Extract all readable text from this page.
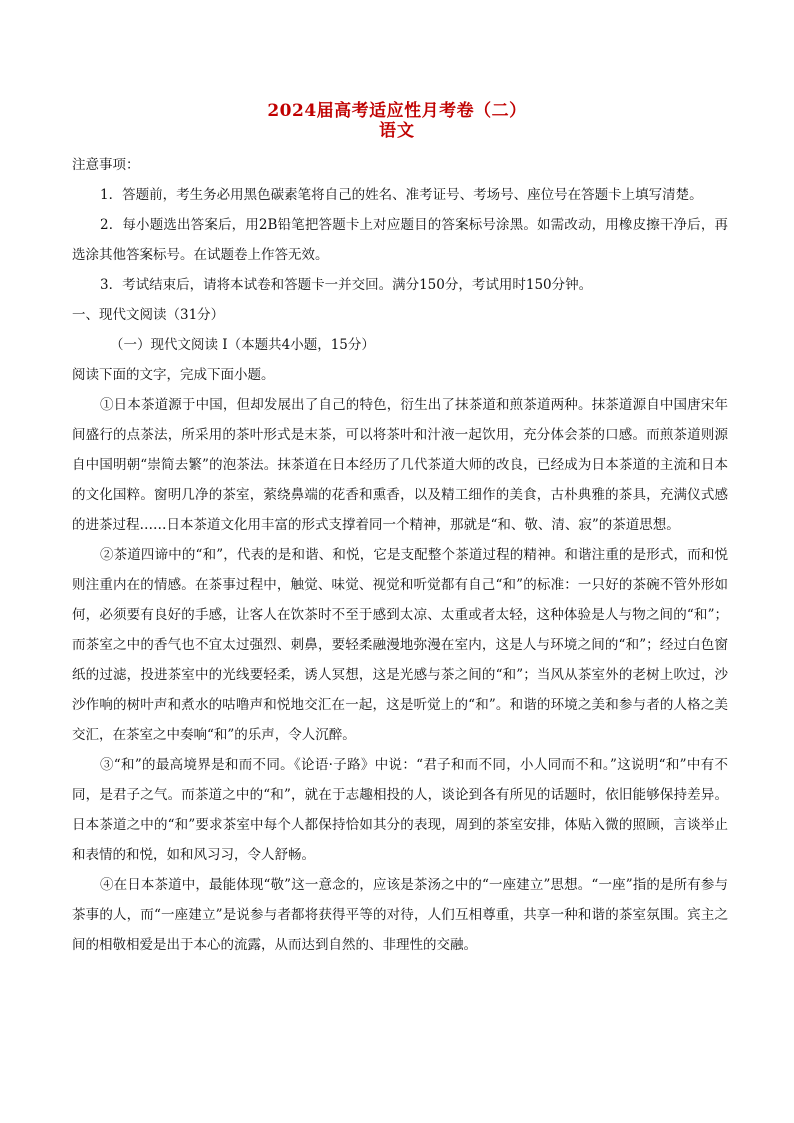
2024届高考适应性月考卷（二）
语文

注意事项：

1．答题前，考生务必用黑色碳素笔将自己的姓名、准考证号、考场号、座位号在答题卡上填写清楚。

2．每小题选出答案后，用2B铅笔把答题卡上对应题目的答案标号涂黑。如需改动，用橡皮擦干净后，再选涂其他答案标号。在试题卷上作答无效。

3．考试结束后，请将本试卷和答题卡一并交回。满分150分，考试用时150分钟。

一、现代文阅读（31分）

（一）现代文阅读 I（本题共4小题，15分）

阅读下面的文字，完成下面小题。

①日本茶道源于中国，但却发展出了自己的特色，衍生出了抹茶道和煎茶道两种。抹茶道源自中国唐宋年间盛行的点茶法，所采用的茶叶形式是末茶，可以将茶叶和汁液一起饮用，充分体会茶的口感。而煎茶道则源自中国明朝“崇简去繁”的泡茶法。抹茶道在日本经历了几代茶道大师的改良，已经成为日本茶道的主流和日本的文化国粹。窗明几净的茶室，萦绕鼻端的花香和熏香，以及精工细作的美食，古朴典雅的茶具，充满仪式感的进茶过程……日本茶道文化用丰富的形式支撑着同一个精神，那就是“和、敬、清、寂”的茶道思想。

②茶道四谛中的“和”，代表的是和谐、和悦，它是支配整个茶道过程的精神。和谐注重的是形式，而和悦则注重内在的情感。在茶事过程中，触觉、味觉、视觉和听觉都有自己“和”的标准：一只好的茶碗不管外形如何，必须要有良好的手感，让客人在饮茶时不至于感到太凉、太重或者太轻，这种体验是人与物之间的“和”；而茶室之中的香气也不宜太过强烈、刺鼻，要轻柔融漫地弥漫在室内，这是人与环境之间的“和”；经过白色窗纸的过滤，投进茶室中的光线要轻柔，诱人冥想，这是光感与茶之间的“和”；当风从茶室外的老树上吹过，沙沙作响的树叶声和煮水的咕噜声和悦地交汇在一起，这是听觉上的“和”。和谐的环境之美和参与者的人格之美交汇，在茶室之中奏响“和”的乐声，令人沉醉。

③“和”的最高境界是和而不同。《论语·子路》中说：“君子和而不同，小人同而不和。”这说明“和”中有不同，是君子之气。而茶道之中的“和”，就在于志趣相投的人，谈论到各有所见的话题时，依旧能够保持差异。日本茶道之中的“和”要求茶室中每个人都保持恰如其分的表现，周到的茶室安排，体贴入微的照顾，言谈举止和表情的和悦，如和风习习，令人舒畅。

④在日本茶道中，最能体现“敬”这一意念的，应该是茶汤之中的“一座建立”思想。“一座”指的是所有参与茶事的人，而“一座建立”是说参与者都将获得平等的对待，人们互相尊重，共享一种和谐的茶室氛围。宾主之间的相敬相爱是出于本心的流露，从而达到自然的、非理性的交融。
